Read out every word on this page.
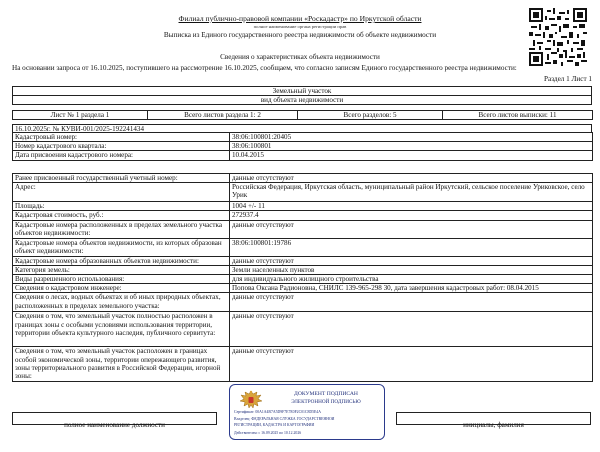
Филиал публично-правовой компании «Роскадастр» по Иркутской области
полное наименование органа регистрации прав
Выписка из Единого государственного реестра недвижимости об объекте недвижимости
Сведения о характеристиках объекта недвижимости
На основании запроса от 16.10.2025, поступившего на рассмотрение 16.10.2025, сообщаем, что согласно записям Единого государственного реестра недвижимости:
Раздел 1 Лист 1
Земельный участок
вид объекта недвижимости
Лист № 1 раздела 1	Всего листов раздела 1: 2	Всего разделов: 5	Всего листов выписки: 11
16.10.2025г. № КУВИ-001/2025-192241434
Кадастровый номер:	38:06:100801:20405
Номер кадастрового квартала:	38:06:100801
Дата присвоения кадастрового номера:	10.04.2015
Ранее присвоенный государственный учетный номер:	данные отсутствуют
Адрес:	Российская Федерация, Иркутская область, муниципальный район Иркутский, сельское поселение Уриковское, село Урик
Площадь:	1004 +/- 11
Кадастровая стоимость, руб.:	272937.4
Кадастровые номера расположенных в пределах земельного участка объектов недвижимости:	данные отсутствуют
Кадастровые номера объектов недвижимости, из которых образован объект недвижимости:	38:06:100801:19786
Кадастровые номера образованных объектов недвижимости:	данные отсутствуют
Категория земель:	Земли населенных пунктов
Виды разрешенного использования:	для индивидуального жилищного строительства
Сведения о кадастровом инженере:	Попова Оксана Радионовна, СНИЛС 139-965-298 30, дата завершения кадастровых работ: 08.04.2015
Сведения о лесах, водных объектах и об иных природных объектах, расположенных в пределах земельного участка:	данные отсутствуют
Сведения о том, что земельный участок полностью расположен в границах зоны с особыми условиями использования территории, территории объекта культурного наследия, публичного сервитута:	данные отсутствуют
Сведения о том, что земельный участок расположен в границах особой экономической зоны, территории опережающего развития, зоны территориального развития в Российской Федерации, игорной зоны:	данные отсутствуют
полное наименование должности	инициалы, фамилия
ДОКУМЕНТ ПОДПИСАН
ЭЛЕКТРОННОЙ ПОДПИСЬЮ
Сертификат: 00A1A4B7A5D9F7E7E0F2C01C8D5E4A
Владелец: ФЕДЕРАЛЬНАЯ СЛУЖБА ГОСУДАРСТВЕННОЙ
РЕГИСТРАЦИИ, КАДАСТРА И КАРТОГРАФИИ
Действителен: с 16.09.2025 по 10.12.2026
